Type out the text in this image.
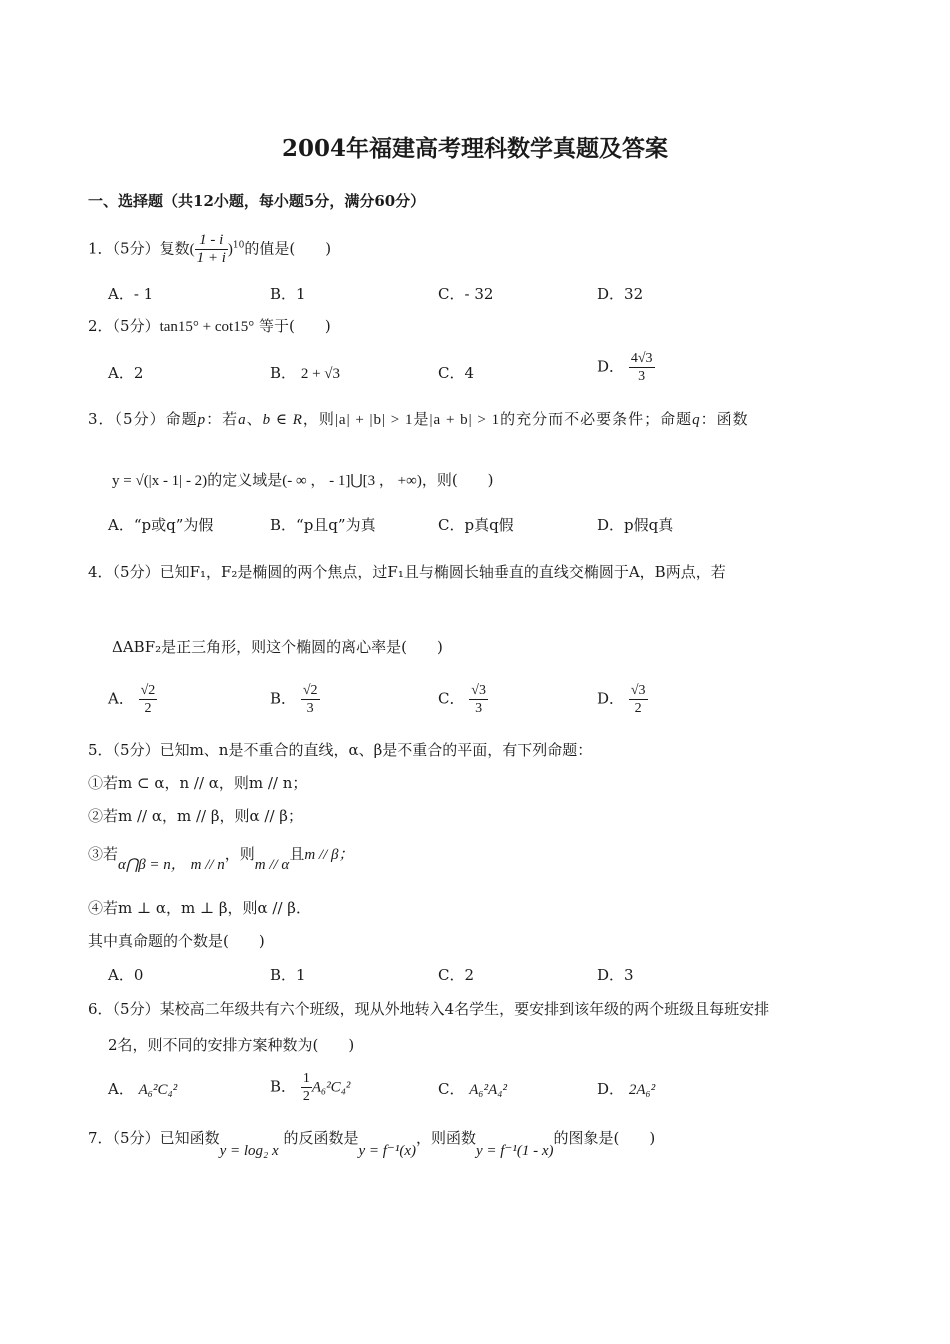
2004年福建高考理科数学真题及答案
一、选择题（共12小题，每小题5分，满分60分）
1．（5分）复数( $\frac{1 - i}{1 + i} )^{10}$的值是(　　)
A．- 1	B．1	C．- 32	D．32
2．（5分）tan15° + cot15° 等于(　　)
A．2	B． 2 + √3	C．4	D． $\frac{4√3}{3}$
3．（5分）命题p：若a、b ∈ R，则|a| + |b| > 1是|a + b| > 1的充分而不必要条件；命题q：函数
y = √(|x - 1| - 2)的定义域是(- ∞ ， - 1]⋃[3 ， +∞)，则(　　)
A．“p或q”为假	B．“p且q”为真	C．p真q假	D．p假q真
4．（5分）已知F₁，F₂是椭圆的两个焦点，过F₁且与椭圆长轴垂直的直线交椭圆于A，B两点，若
ΔABF₂是正三角形，则这个椭圆的离心率是(　　)
A． $\frac{√2}{2}$	B． $\frac{√2}{3}$	C． $\frac{√3}{3}$	D． $\frac{√3}{2}$
5．（5分）已知m、n是不重合的直线，α、β是不重合的平面，有下列命题：
①若m ⊂ α，n // α，则m // n；
②若m // α，m // β，则α // β；
③若α⋂β = n， m // n，则m // α且m // β；
④若m ⊥ α，m ⊥ β，则α // β．
其中真命题的个数是(　　)
A．0	B．1	C．2	D．3
6．（5分）某校高二年级共有六个班级，现从外地转入4名学生，要安排到该年级的两个班级且每班安排
2名，则不同的安排方案种数为(　　)
A． A₆²C₄²	B． $\frac{1}{2} A_6^2C_4^2$	C． A₆²A₄²	D． 2A₆²
7．（5分）已知函数y = log₂ x 的反函数是y = f⁻¹(x)，则函数y = f⁻¹(1 - x)的图象是(　　)
